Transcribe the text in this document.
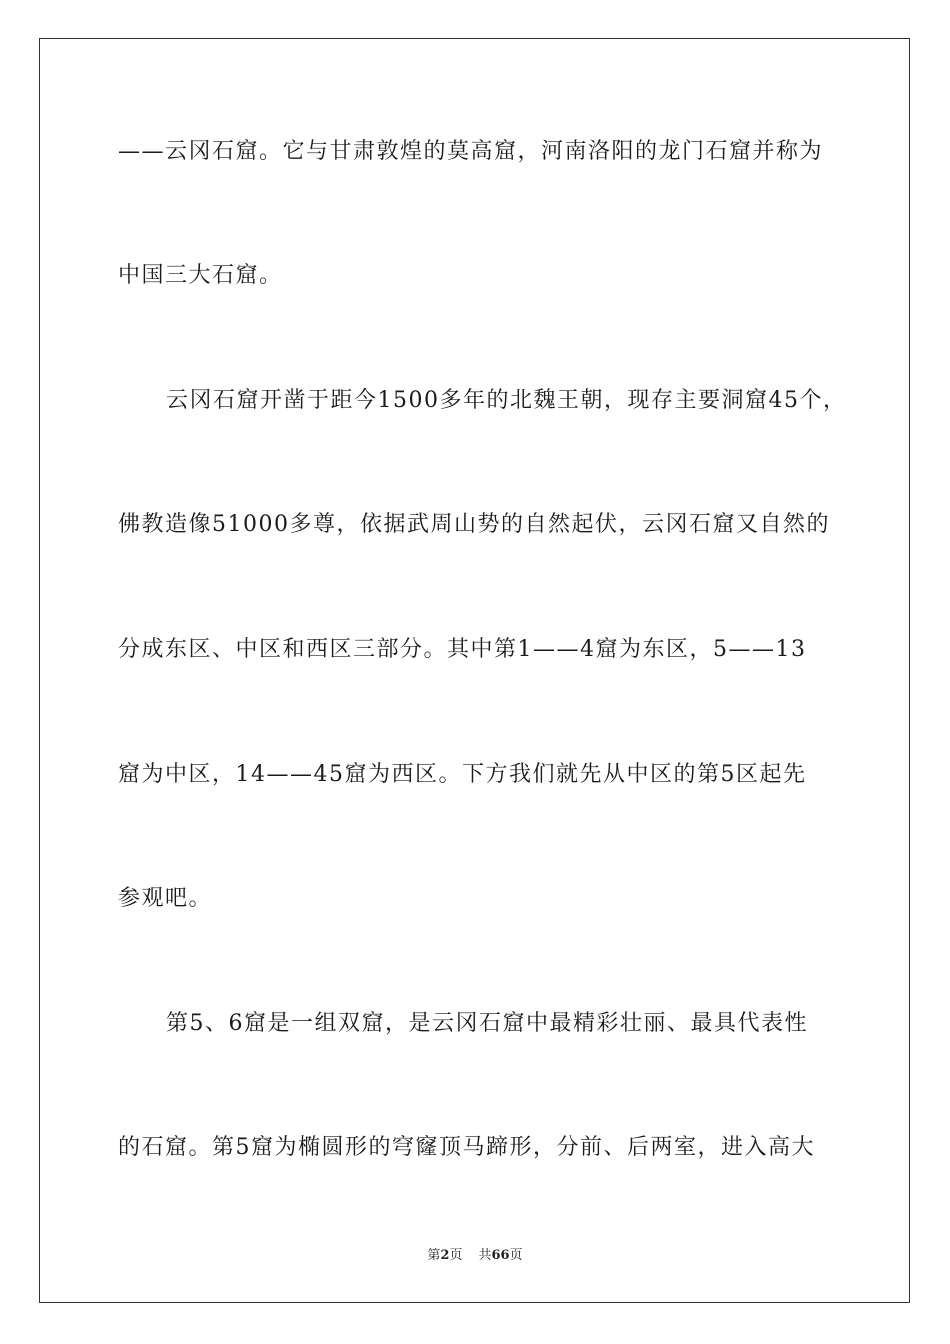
——云冈石窟。它与甘肃敦煌的莫高窟，河南洛阳的龙门石窟并称为
中国三大石窟。
云冈石窟开凿于距今1500多年的北魏王朝，现存主要洞窟45个，
佛教造像51000多尊，依据武周山势的自然起伏，云冈石窟又自然的
分成东区、中区和西区三部分。其中第1——4窟为东区，5——13
窟为中区，14——45窟为西区。下方我们就先从中区的第5区起先
参观吧。
第5、6窟是一组双窟，是云冈石窟中最精彩壮丽、最具代表性
的石窟。第5窟为椭圆形的穹窿顶马蹄形，分前、后两室，进入高大
第2页 共66页
